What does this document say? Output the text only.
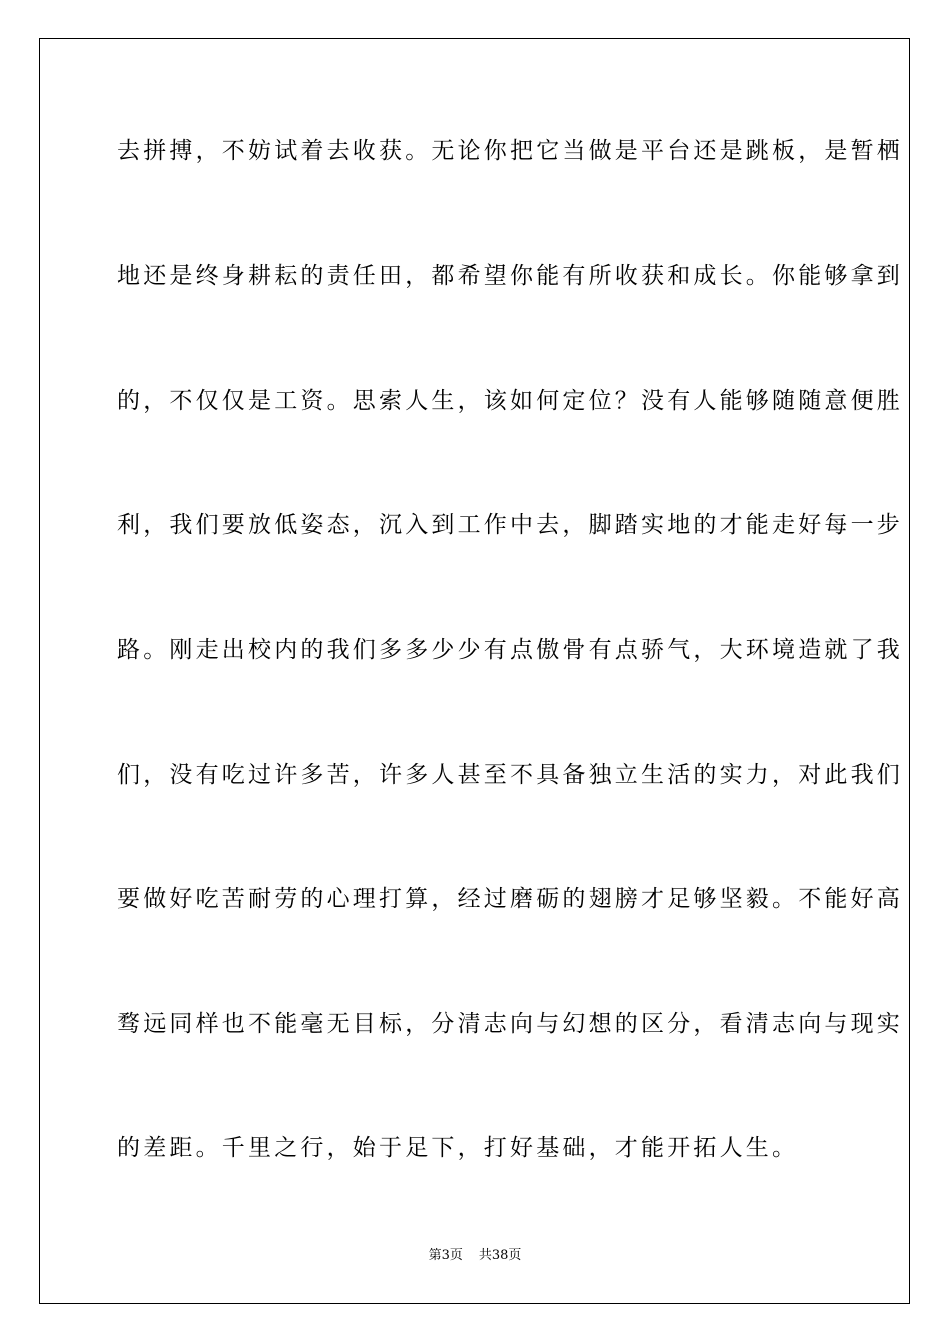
去拼搏，不妨试着去收获。无论你把它当做是平台还是跳板，是暂栖
地还是终身耕耘的责任田，都希望你能有所收获和成长。你能够拿到
的，不仅仅是工资。思索人生，该如何定位？没有人能够随随意便胜
利，我们要放低姿态，沉入到工作中去，脚踏实地的才能走好每一步
路。刚走出校内的我们多多少少有点傲骨有点骄气，大环境造就了我
们，没有吃过许多苦，许多人甚至不具备独立生活的实力，对此我们
要做好吃苦耐劳的心理打算，经过磨砺的翅膀才足够坚毅。不能好高
骛远同样也不能毫无目标，分清志向与幻想的区分，看清志向与现实
的差距。千里之行，始于足下，打好基础，才能开拓人生。
第3页 共38页
